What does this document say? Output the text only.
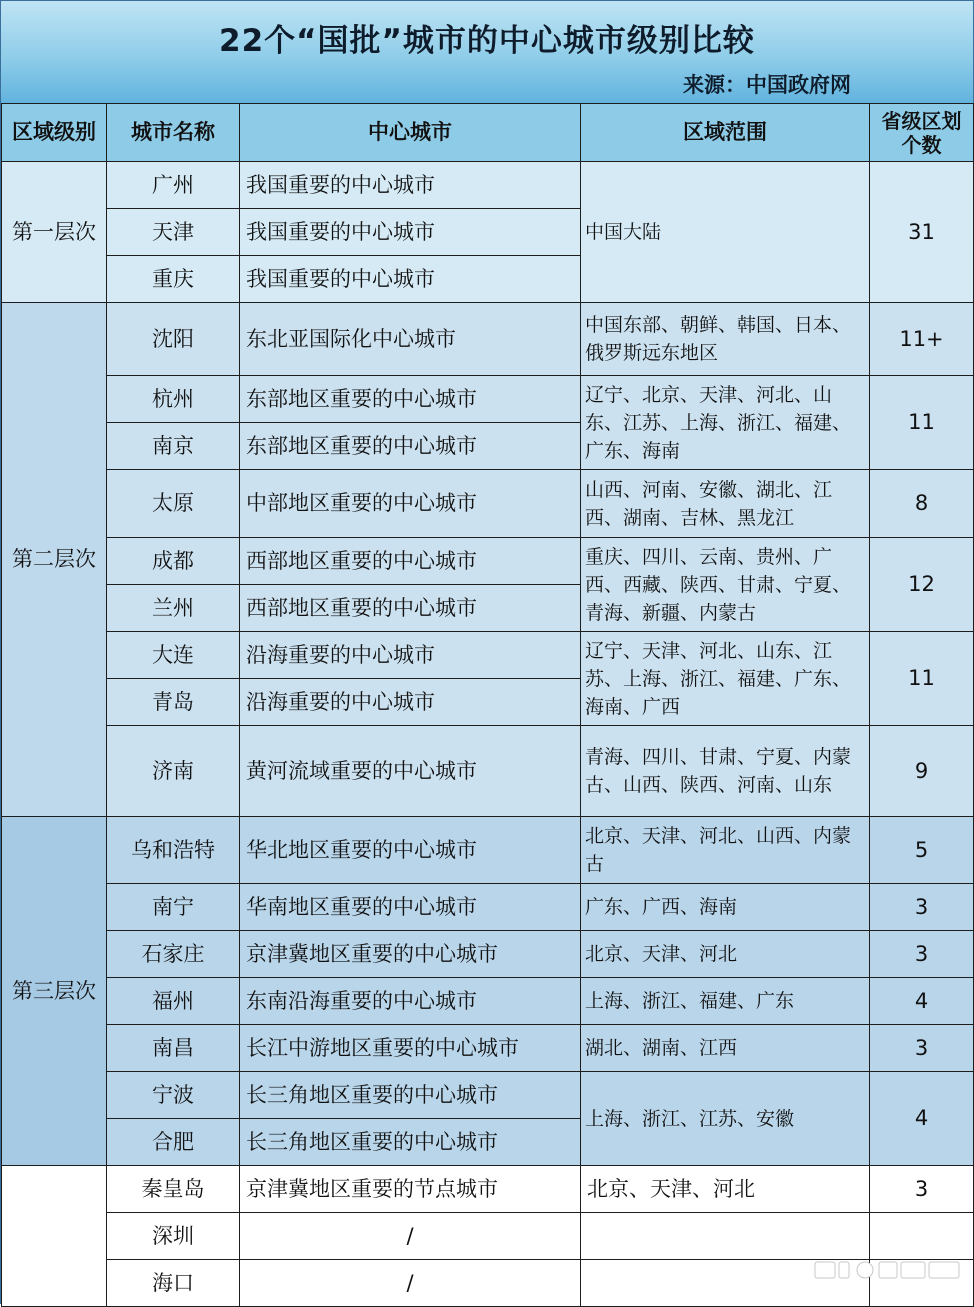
22个“国批”城市的中心城市级别比较
来源：中国政府网
区域级别	城市名称	中心城市	区域范围	省级区划个数
第一层次	广州	我国重要的中心城市	中国大陆	31
	天津	我国重要的中心城市		
	重庆	我国重要的中心城市		
第二层次	沈阳	东北亚国际化中心城市	中国东部、朝鲜、韩国、日本、俄罗斯远东地区	11+
	杭州	东部地区重要的中心城市	辽宁、北京、天津、河北、山东、江苏、上海、浙江、福建、广东、海南	11
	南京	东部地区重要的中心城市		
	太原	中部地区重要的中心城市	山西、河南、安徽、湖北、江西、湖南、吉林、黑龙江	8
	成都	西部地区重要的中心城市	重庆、四川、云南、贵州、广西、西藏、陕西、甘肃、宁夏、青海、新疆、内蒙古	12
	兰州	西部地区重要的中心城市		
	大连	沿海重要的中心城市	辽宁、天津、河北、山东、江苏、上海、浙江、福建、广东、海南、广西	11
	青岛	沿海重要的中心城市		
	济南	黄河流域重要的中心城市	青海、四川、甘肃、宁夏、内蒙古、山西、陕西、河南、山东	9
第三层次	乌和浩特	华北地区重要的中心城市	北京、天津、河北、山西、内蒙古	5
	南宁	华南地区重要的中心城市	广东、广西、海南	3
	石家庄	京津冀地区重要的中心城市	北京、天津、河北	3
	福州	东南沿海重要的中心城市	上海、浙江、福建、广东	4
	南昌	长江中游地区重要的中心城市	湖北、湖南、江西	3
	宁波	长三角地区重要的中心城市	上海、浙江、江苏、安徽	4
	合肥	长三角地区重要的中心城市		
	秦皇岛	京津冀地区重要的节点城市	北京、天津、河北	3
	深圳	/		
	海口	/		
